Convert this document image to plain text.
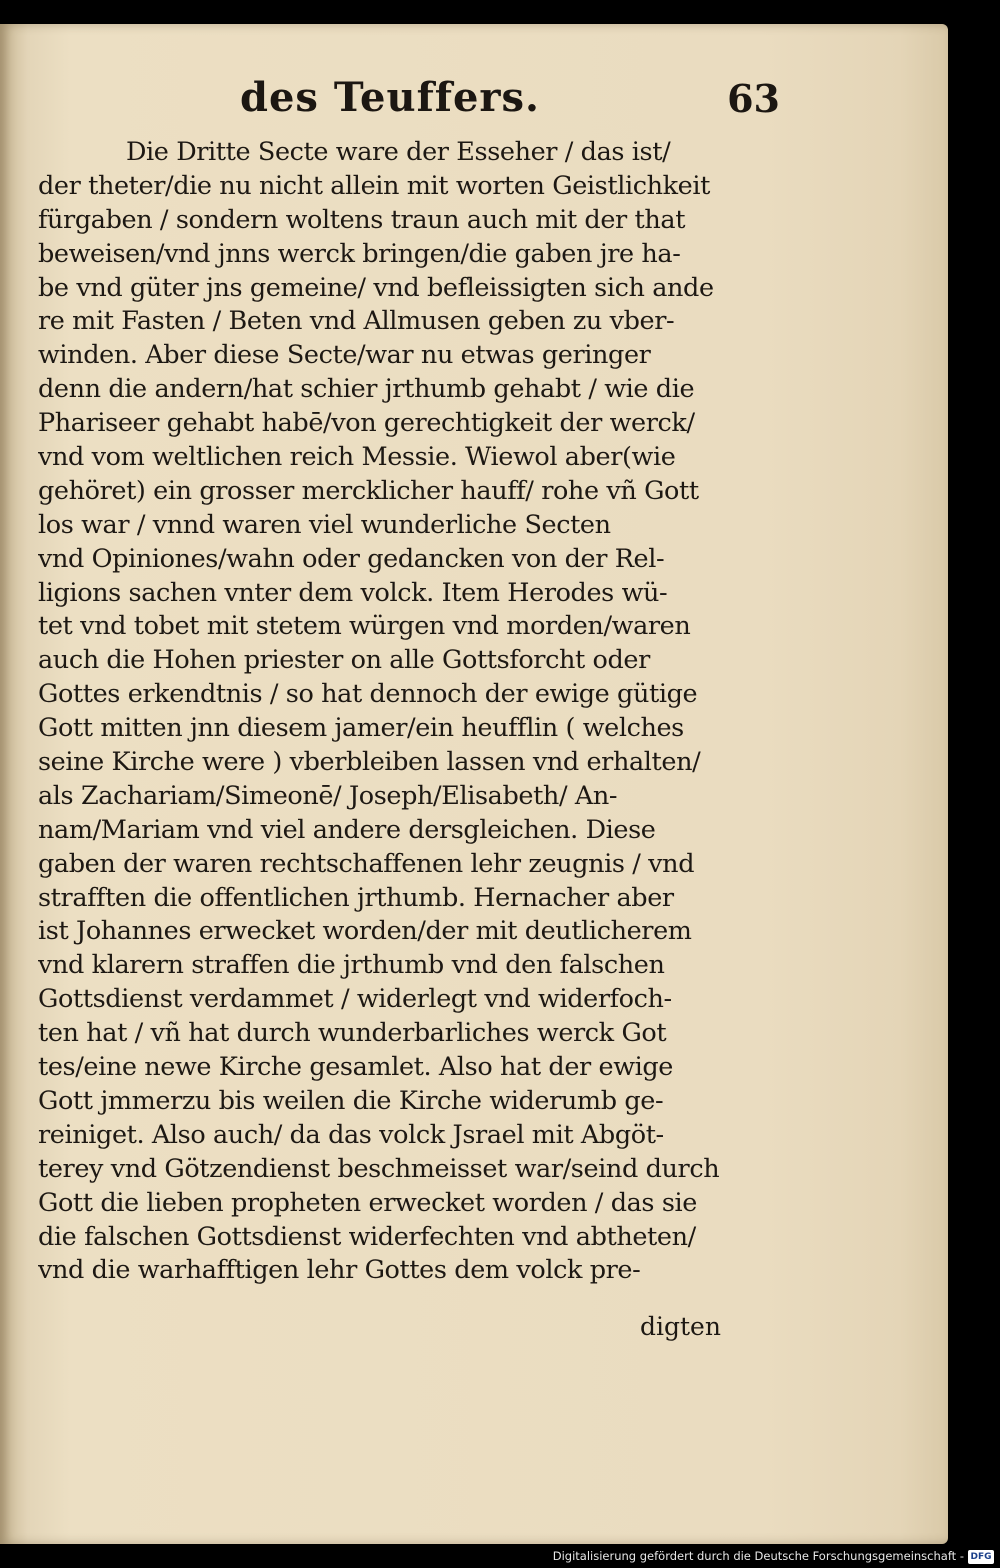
des Teuffers.	63
Die Dritte Secte ware der Esseher / das ist/
der theter/die nu nicht allein mit worten Geistlichkeit
fürgaben / sondern woltens traun auch mit der that
beweisen/vnd jnns werck bringen/die gaben jre ha-
be vnd güter jns gemeine/ vnd befleissigten sich ande
re mit Fasten / Beten vnd Allmusen geben zu vber-
winden. Aber diese Secte/war nu etwas geringer
denn die andern/hat schier jrthumb gehabt / wie die
Phariseer gehabt habē/von gerechtigkeit der werck/
vnd vom weltlichen reich Messie. Wiewol aber(wie
gehöret) ein grosser mercklicher hauff/ rohe vñ Gott
los war / vnnd waren viel wunderliche Secten
vnd Opiniones/wahn oder gedancken von der Rel-
ligions sachen vnter dem volck. Item Herodes wü-
tet vnd tobet mit stetem würgen vnd morden/waren
auch die Hohen priester on alle Gottsforcht oder
Gottes erkendtnis / so hat dennoch der ewige gütige
Gott mitten jnn diesem jamer/ein heufflin ( welches
seine Kirche were ) vberbleiben lassen vnd erhalten/
als Zachariam/Simeonē/ Joseph/Elisabeth/ An-
nam/Mariam vnd viel andere dersgleichen. Diese
gaben der waren rechtschaffenen lehr zeugnis / vnd
strafften die offentlichen jrthumb. Hernacher aber
ist Johannes erwecket worden/der mit deutlicherem
vnd klarern straffen die jrthumb vnd den falschen
Gottsdienst verdammet / widerlegt vnd widerfoch-
ten hat / vñ hat durch wunderbarliches werck Got
tes/eine newe Kirche gesamlet. Also hat der ewige
Gott jmmerzu bis weilen die Kirche widerumb ge-
reiniget. Also auch/ da das volck Jsrael mit Abgöt-
terey vnd Götzendienst beschmeisset war/seind durch
Gott die lieben propheten erwecket worden / das sie
die falschen Gottsdienst widerfechten vnd abtheten/
vnd die warhafftigen lehr Gottes dem volck pre-
digten
Digitalisierung gefördert durch die Deutsche Forschungsgemeinschaft - DFG
